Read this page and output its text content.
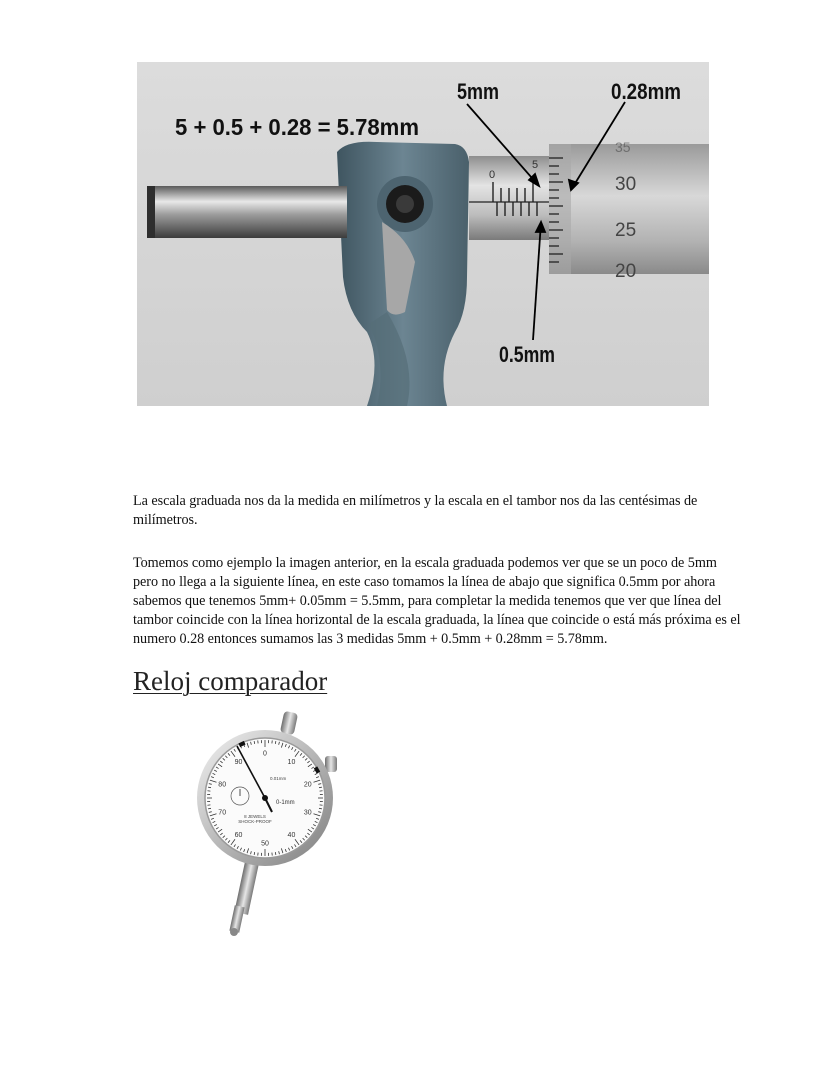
0
5
35
30
25
20
5 + 0.5 + 0.28 = 5.78mm
5mm	0.28mm
0.5mm

La escala graduada nos da la medida en milímetros y la escala en el tambor nos da las centésimas de milímetros.

Tomemos como ejemplo la imagen anterior, en la escala graduada podemos ver que se un poco de 5mm pero no llega a la siguiente línea, en este caso tomamos la línea de abajo que significa 0.5mm por ahora sabemos que tenemos 5mm+ 0.05mm = 5.5mm, para completar la medida tenemos que ver que línea del tambor coincide con la línea horizontal de la escala graduada, la línea que coincide o está más próxima es el numero 0.28 entonces sumamos las 3 medidas 5mm + 0.5mm + 0.28mm = 5.78mm.

Reloj comparador
0
10
20
30
40
50
60
70
80
90
0.01mm
0-1mm
8 JEWELS
SHOCK-PROOF
